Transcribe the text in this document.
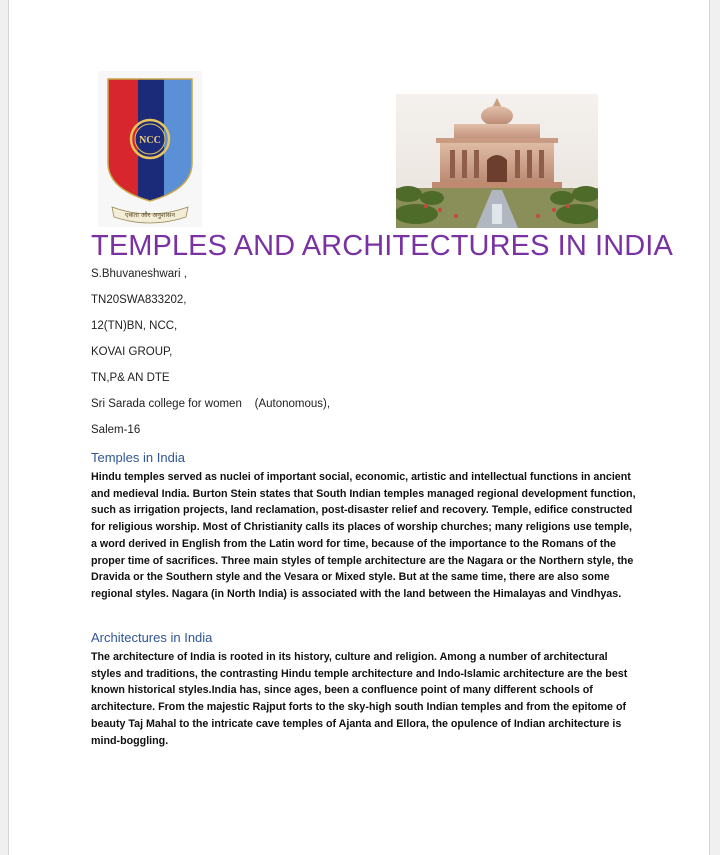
NCC
एकता और अनुशासन
TEMPLES AND ARCHITECTURES IN INDIA
S.Bhuvaneshwari ,
TN20SWA833202,
12(TN)BN, NCC,
KOVAI GROUP,
TN,P& AN DTE
Sri Sarada college for women    (Autonomous),
Salem-16
Temples in India

Hindu temples served as nuclei of important social, economic, artistic and intellectual functions in ancient and medieval India. Burton Stein states that South Indian temples managed regional development function, such as irrigation projects, land reclamation, post-disaster relief and recovery. Temple, edifice constructed for religious worship. Most of Christianity calls its places of worship churches; many religions use temple, a word derived in English from the Latin word for time, because of the importance to the Romans of the proper time of sacrifices. Three main styles of temple architecture are the Nagara or the Northern style, the Dravida or the Southern style and the Vesara or Mixed style. But at the same time, there are also some regional styles. Nagara (in North India) is associated with the land between the Himalayas and Vindhyas.

Architectures in India

The architecture of India is rooted in its history, culture and religion. Among a number of architectural styles and traditions, the contrasting Hindu temple architecture and Indo-Islamic architecture are the best known historical styles.India has, since ages, been a confluence point of many different schools of architecture. From the majestic Rajput forts to the sky-high south Indian temples and from the epitome of beauty Taj Mahal to the intricate cave temples of Ajanta and Ellora, the opulence of Indian architecture is mind-boggling.
